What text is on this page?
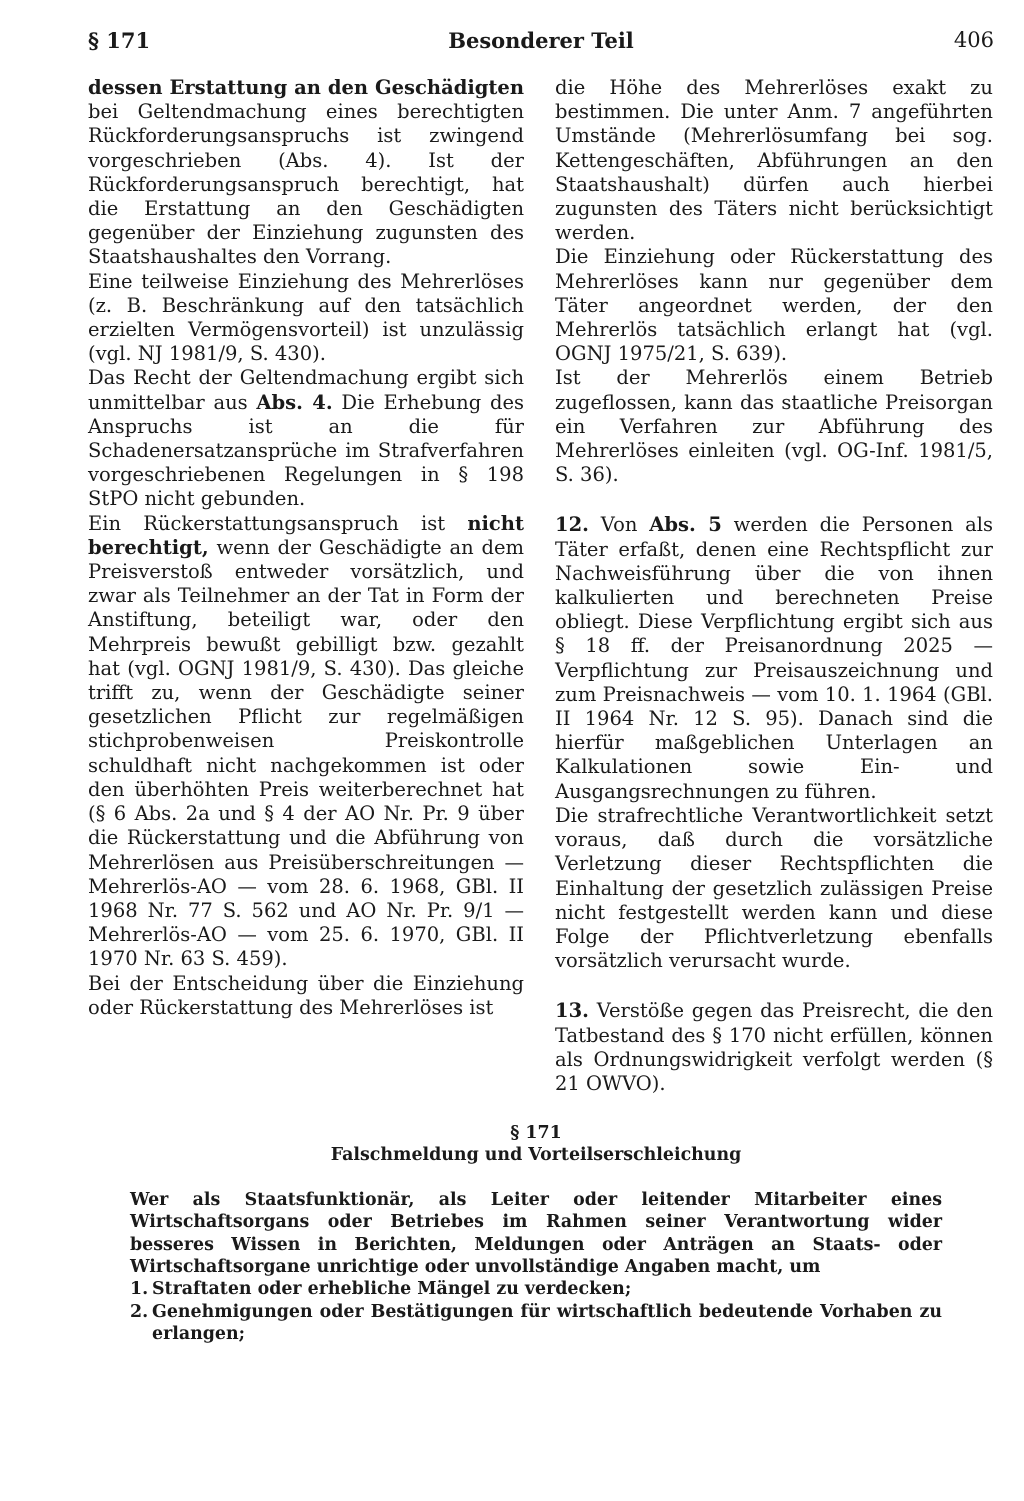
§ 171	Besonderer Teil	406

dessen Erstattung an den Geschädigten bei Geltendmachung eines berechtigten Rückforderungsanspruchs ist zwingend vorgeschrieben (Abs. 4). Ist der Rückforderungsanspruch berechtigt, hat die Erstattung an den Geschädigten gegenüber der Einziehung zugunsten des Staatshaushaltes den Vorrang.

Eine teilweise Einziehung des Mehrerlöses (z. B. Beschränkung auf den tatsächlich erzielten Vermögensvorteil) ist unzulässig (vgl. NJ 1981/9, S. 430).

Das Recht der Geltendmachung ergibt sich unmittelbar aus Abs. 4. Die Erhebung des Anspruchs ist an die für Schadenersatzansprüche im Strafverfahren vorgeschriebenen Regelungen in § 198 StPO nicht gebunden.

Ein Rückerstattungsanspruch ist nicht berechtigt, wenn der Geschädigte an dem Preisverstoß entweder vorsätzlich, und zwar als Teilnehmer an der Tat in Form der Anstiftung, beteiligt war, oder den Mehrpreis bewußt gebilligt bzw. gezahlt hat (vgl. OGNJ 1981/9, S. 430). Das gleiche trifft zu, wenn der Geschädigte seiner gesetzlichen Pflicht zur regelmäßigen stichprobenweisen Preiskontrolle schuldhaft nicht nachgekommen ist oder den überhöhten Preis weiterberechnet hat (§ 6 Abs. 2a und § 4 der AO Nr. Pr. 9 über die Rückerstattung und die Abführung von Mehrerlösen aus Preisüberschreitungen — Mehrerlös-AO — vom 28. 6. 1968, GBl. II 1968 Nr. 77 S. 562 und AO Nr. Pr. 9/1 — Mehrerlös-AO — vom 25. 6. 1970, GBl. II 1970 Nr. 63 S. 459).

Bei der Entscheidung über die Einziehung oder Rückerstattung des Mehrerlöses ist

die Höhe des Mehrerlöses exakt zu bestimmen. Die unter Anm. 7 angeführten Umstände (Mehrerlösumfang bei sog. Kettengeschäften, Abführungen an den Staatshaushalt) dürfen auch hierbei zugunsten des Täters nicht berücksichtigt werden.

Die Einziehung oder Rückerstattung des Mehrerlöses kann nur gegenüber dem Täter angeordnet werden, der den Mehrerlös tatsächlich erlangt hat (vgl. OGNJ 1975/21, S. 639).

Ist der Mehrerlös einem Betrieb zugeflossen, kann das staatliche Preisorgan ein Verfahren zur Abführung des Mehrerlöses einleiten (vgl. OG-Inf. 1981/5, S. 36).

12. Von Abs. 5 werden die Personen als Täter erfaßt, denen eine Rechtspflicht zur Nachweisführung über die von ihnen kalkulierten und berechneten Preise obliegt. Diese Verpflichtung ergibt sich aus § 18 ff. der Preisanordnung 2025 — Verpflichtung zur Preisauszeichnung und zum Preisnachweis — vom 10. 1. 1964 (GBl. II 1964 Nr. 12 S. 95). Danach sind die hierfür maßgeblichen Unterlagen an Kalkulationen sowie Ein- und Ausgangsrechnungen zu führen.

Die strafrechtliche Verantwortlichkeit setzt voraus, daß durch die vorsätzliche Verletzung dieser Rechtspflichten die Einhaltung der gesetzlich zulässigen Preise nicht festgestellt werden kann und diese Folge der Pflichtverletzung ebenfalls vorsätzlich verursacht wurde.

13. Verstöße gegen das Preisrecht, die den Tatbestand des § 170 nicht erfüllen, können als Ordnungswidrigkeit verfolgt werden (§ 21 OWVO).

§ 171
Falschmeldung und Vorteilserschleichung
Wer als Staatsfunktionär, als Leiter oder leitender Mitarbeiter eines Wirtschaftsorgans oder Betriebes im Rahmen seiner Verantwortung wider besseres Wissen in Berichten, Meldungen oder Anträgen an Staats- oder Wirtschaftsorgane unrichtige oder unvollständige Angaben macht, um
1. Straftaten oder erhebliche Mängel zu verdecken;
2. Genehmigungen oder Bestätigungen für wirtschaftlich bedeutende Vorhaben zu erlangen;
